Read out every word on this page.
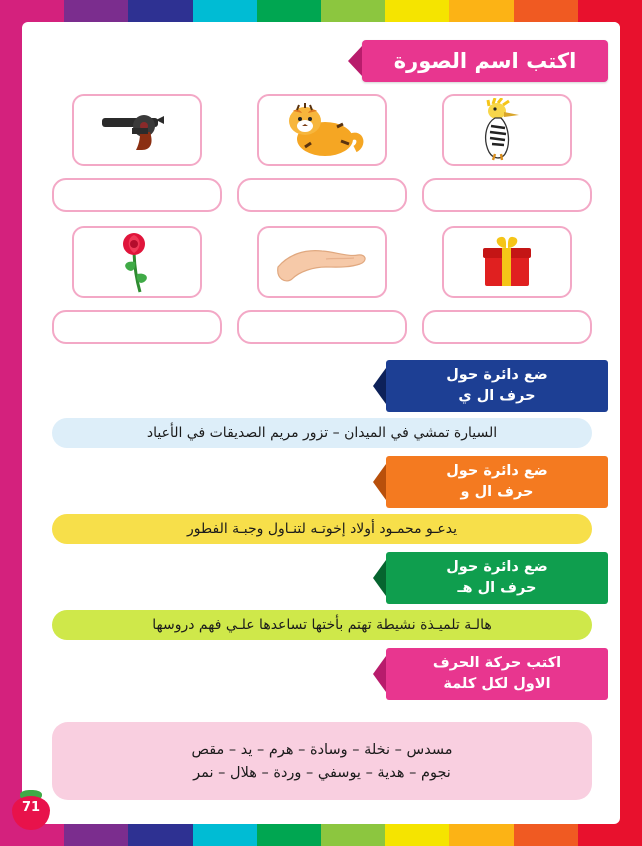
اكتب اسم الصورة
ضع دائرة حول
حرف ال ي
السيارة تمشي في الميدان – تزور مريم الصديقات في الأعياد
ضع دائرة حول
حرف ال و
يدعـو محمـود أولاد إخوتـه لتنـاول وجبـة الفطور
ضع دائرة حول
حرف ال هـ
هالـة تلميـذة نشيطة تهتم بأختها تساعدها علـي فهم دروسها
اكتب حركة الحرف
الاول لكل كلمة
مسدس – نخلة – وسادة – هرم – يد – مقص
نجوم – هدية – يوسفي – وردة – هلال – نمر
71
